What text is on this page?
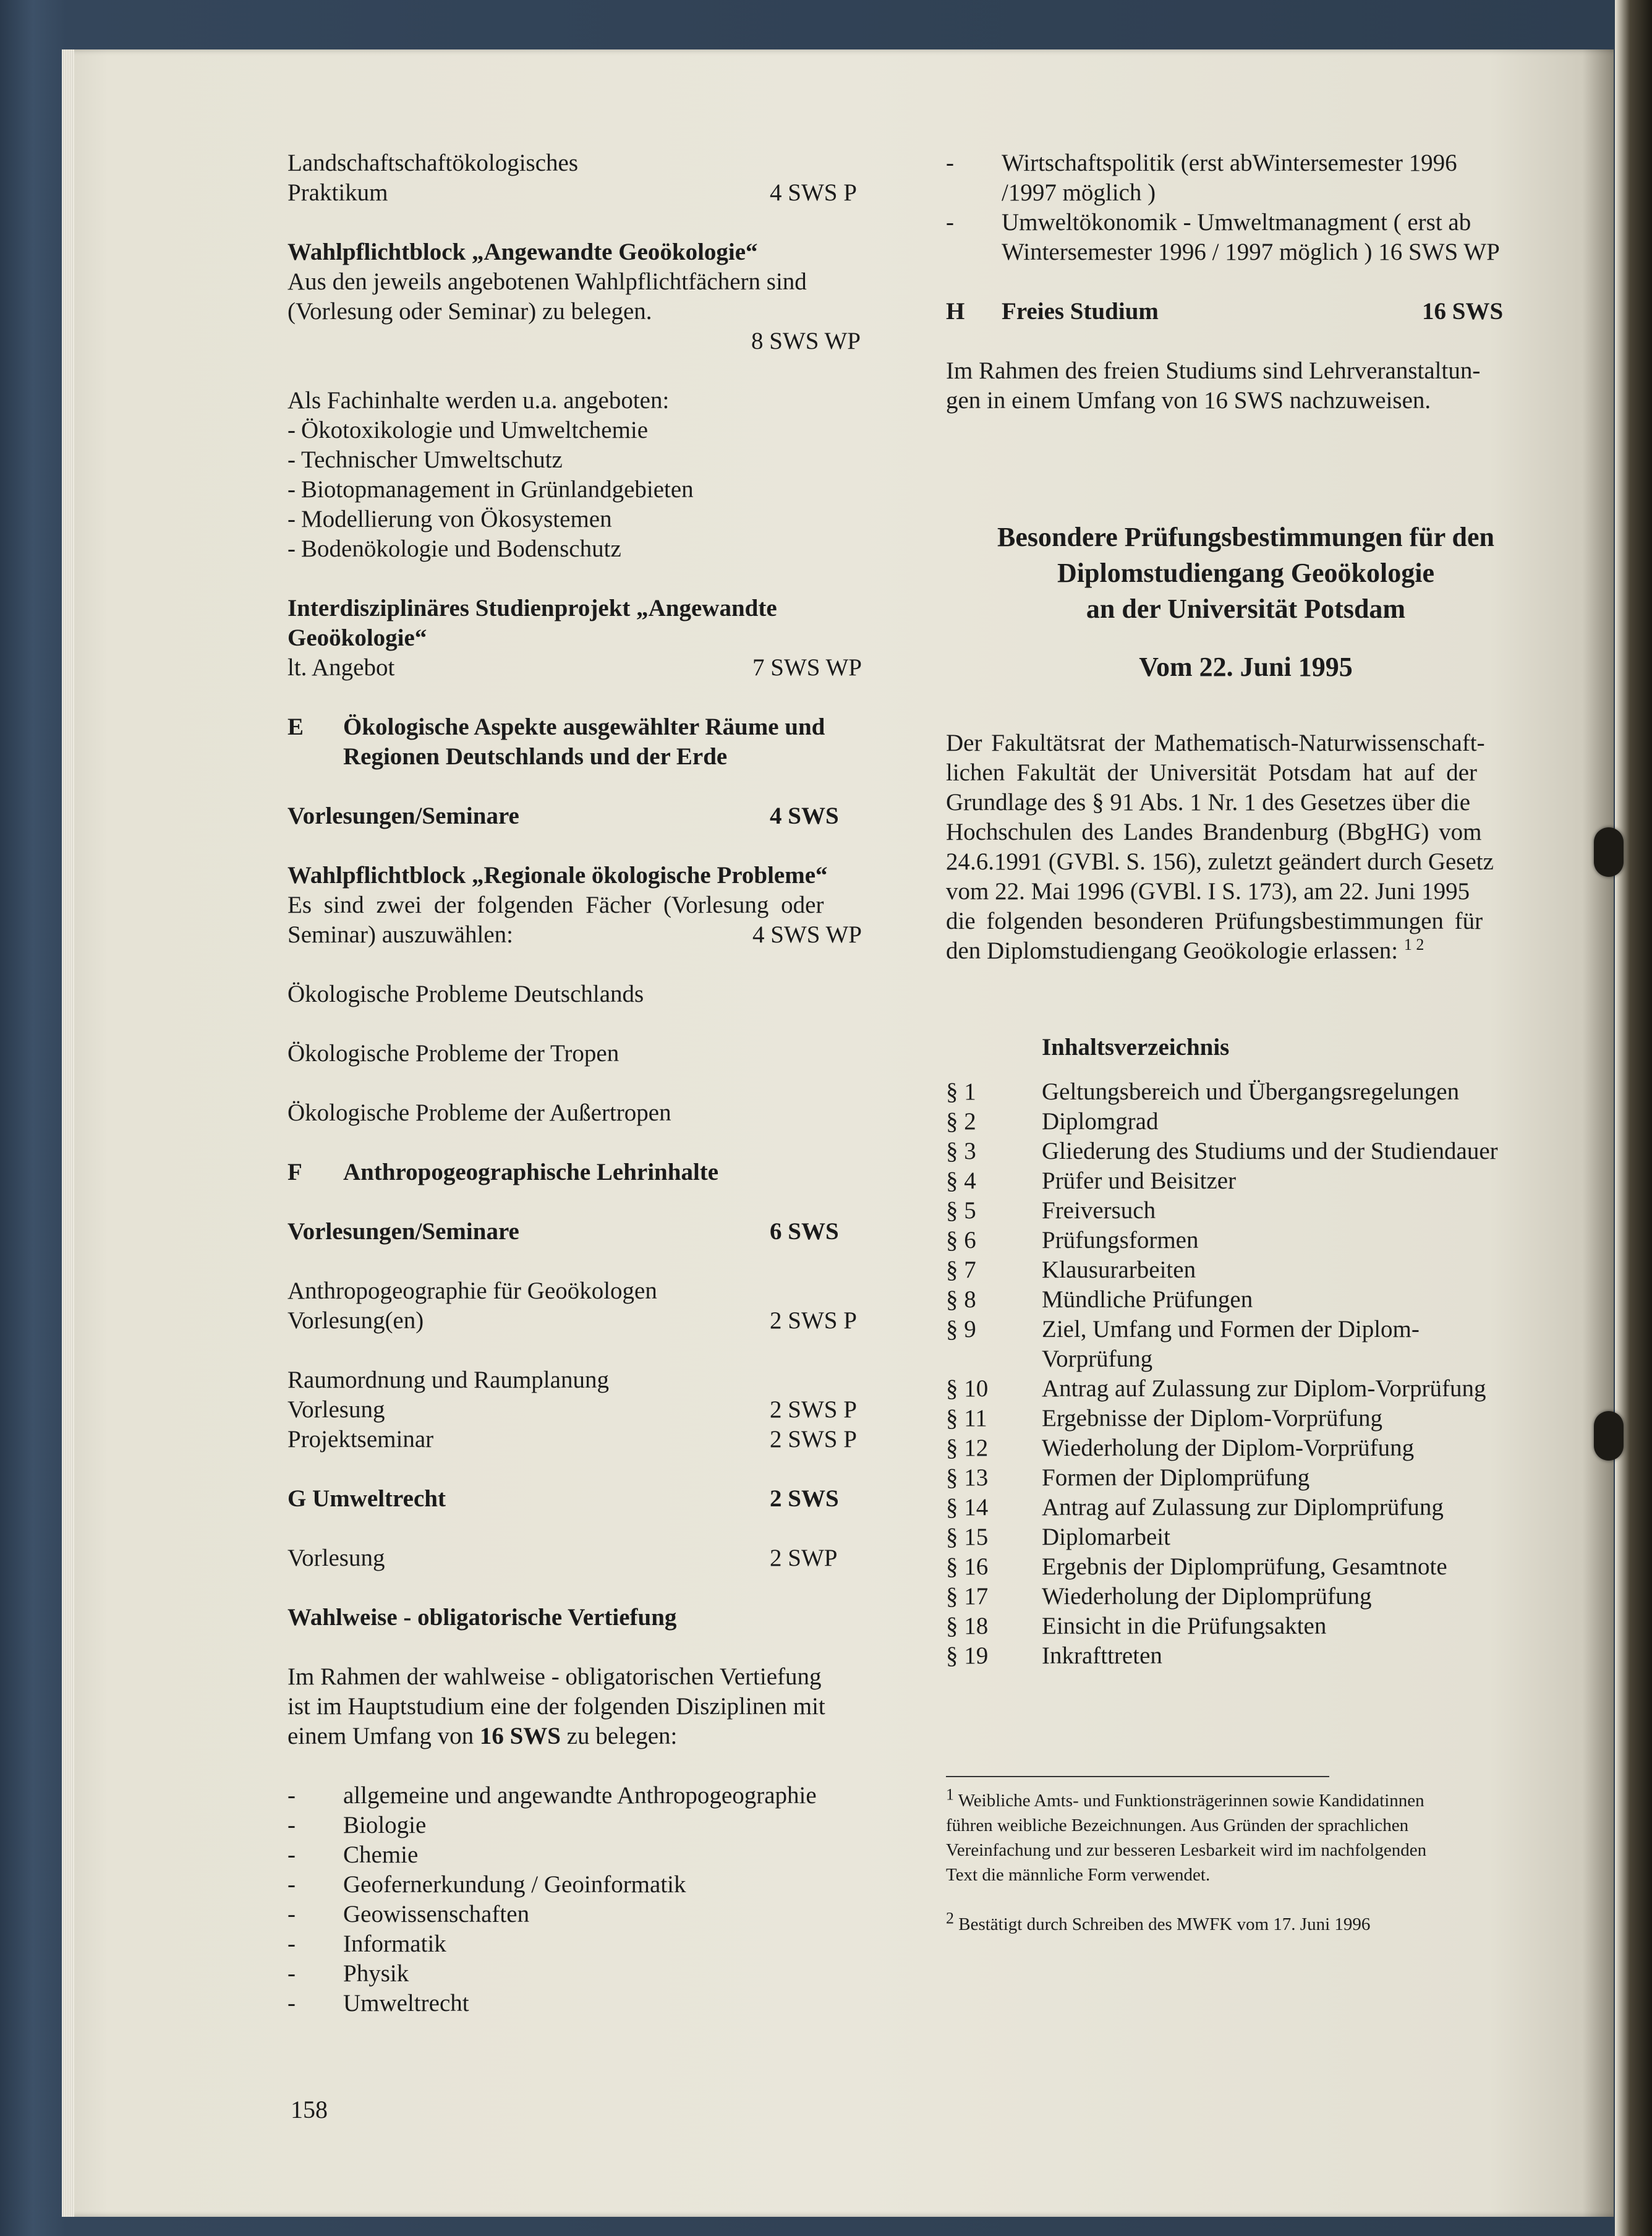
Landschaftschaftökologisches
Praktikum	4 SWS P
Wahlpflichtblock „Angewandte Geoökologie“
Aus den jeweils angebotenen Wahlpflichtfächern sind
(Vorlesung oder Seminar) zu belegen.
8 SWS WP
Als Fachinhalte werden u.a. angeboten:
- Ökotoxikologie und Umweltchemie
- Technischer Umweltschutz
- Biotopmanagement in Grünlandgebieten
- Modellierung von Ökosystemen
- Bodenökologie und Bodenschutz
Interdisziplinäres Studienprojekt „Angewandte
Geoökologie“
lt. Angebot	7 SWS WP
E Ökologische Aspekte ausgewählter Räume und
Regionen Deutschlands und der Erde
Vorlesungen/Seminare	4 SWS
Wahlpflichtblock „Regionale ökologische Probleme“
Es sind zwei der folgenden Fächer (Vorlesung oder
Seminar) auszuwählen:	4 SWS WP
Ökologische Probleme Deutschlands
Ökologische Probleme der Tropen
Ökologische Probleme der Außertropen
F Anthropogeographische Lehrinhalte
Vorlesungen/Seminare	6 SWS
Anthropogeographie für Geoökologen
Vorlesung(en)	2 SWS P
Raumordnung und Raumplanung
Vorlesung	2 SWS P
Projektseminar	2 SWS P
G Umweltrecht	2 SWS
Vorlesung	2 SWP
Wahlweise - obligatorische Vertiefung
Im Rahmen der wahlweise - obligatorischen Vertiefung
ist im Hauptstudium eine der folgenden Disziplinen mit
einem Umfang von 16 SWS zu belegen:
- allgemeine und angewandte Anthropogeographie
- Biologie
- Chemie
- Geofernerkundung / Geoinformatik
- Geowissenschaften
- Informatik
- Physik
- Umweltrecht
158
- Wirtschaftspolitik (erst abWintersemester 1996
/1997 möglich )
- Umweltökonomik - Umweltmanagment ( erst ab
Wintersemester 1996 / 1997 möglich ) 16 SWS WP
H Freies Studium	16 SWS
Im Rahmen des freien Studiums sind Lehrveranstaltun-
gen in einem Umfang von 16 SWS nachzuweisen.
Besondere Prüfungsbestimmungen für den
Diplomstudiengang Geoökologie
an der Universität Potsdam
Vom 22. Juni 1995
Der Fakultätsrat der Mathematisch-Naturwissenschaft-
lichen Fakultät der Universität Potsdam hat auf der
Grundlage des § 91 Abs. 1 Nr. 1 des Gesetzes über die
Hochschulen des Landes Brandenburg (BbgHG) vom
24.6.1991 (GVBl. S. 156), zuletzt geändert durch Gesetz
vom 22. Mai 1996 (GVBl. I S. 173), am 22. Juni 1995
die folgenden besonderen Prüfungsbestimmungen für
den Diplomstudiengang Geoökologie erlassen: $^{1 2}$
Inhaltsverzeichnis
§ 1	Geltungsbereich und Übergangsregelungen
§ 2	Diplomgrad
§ 3	Gliederung des Studiums und der Studiendauer
§ 4	Prüfer und Beisitzer
§ 5	Freiversuch
§ 6	Prüfungsformen
§ 7	Klausurarbeiten
§ 8	Mündliche Prüfungen
§ 9	Ziel, Umfang und Formen der Diplom-
Vorprüfung
§ 10 Antrag auf Zulassung zur Diplom-Vorprüfung
§ 11 Ergebnisse der Diplom-Vorprüfung
§ 12 Wiederholung der Diplom-Vorprüfung
§ 13 Formen der Diplomprüfung
§ 14 Antrag auf Zulassung zur Diplomprüfung
§ 15 Diplomarbeit
§ 16 Ergebnis der Diplomprüfung, Gesamtnote
§ 17 Wiederholung der Diplomprüfung
§ 18 Einsicht in die Prüfungsakten
§ 19 Inkrafttreten
$^1$ Weibliche Amts- und Funktionsträgerinnen sowie Kandidatinnen
führen weibliche Bezeichnungen. Aus Gründen der sprachlichen
Vereinfachung und zur besseren Lesbarkeit wird im nachfolgenden
Text die männliche Form verwendet.
$^2$ Bestätigt durch Schreiben des MWFK vom 17. Juni 1996
